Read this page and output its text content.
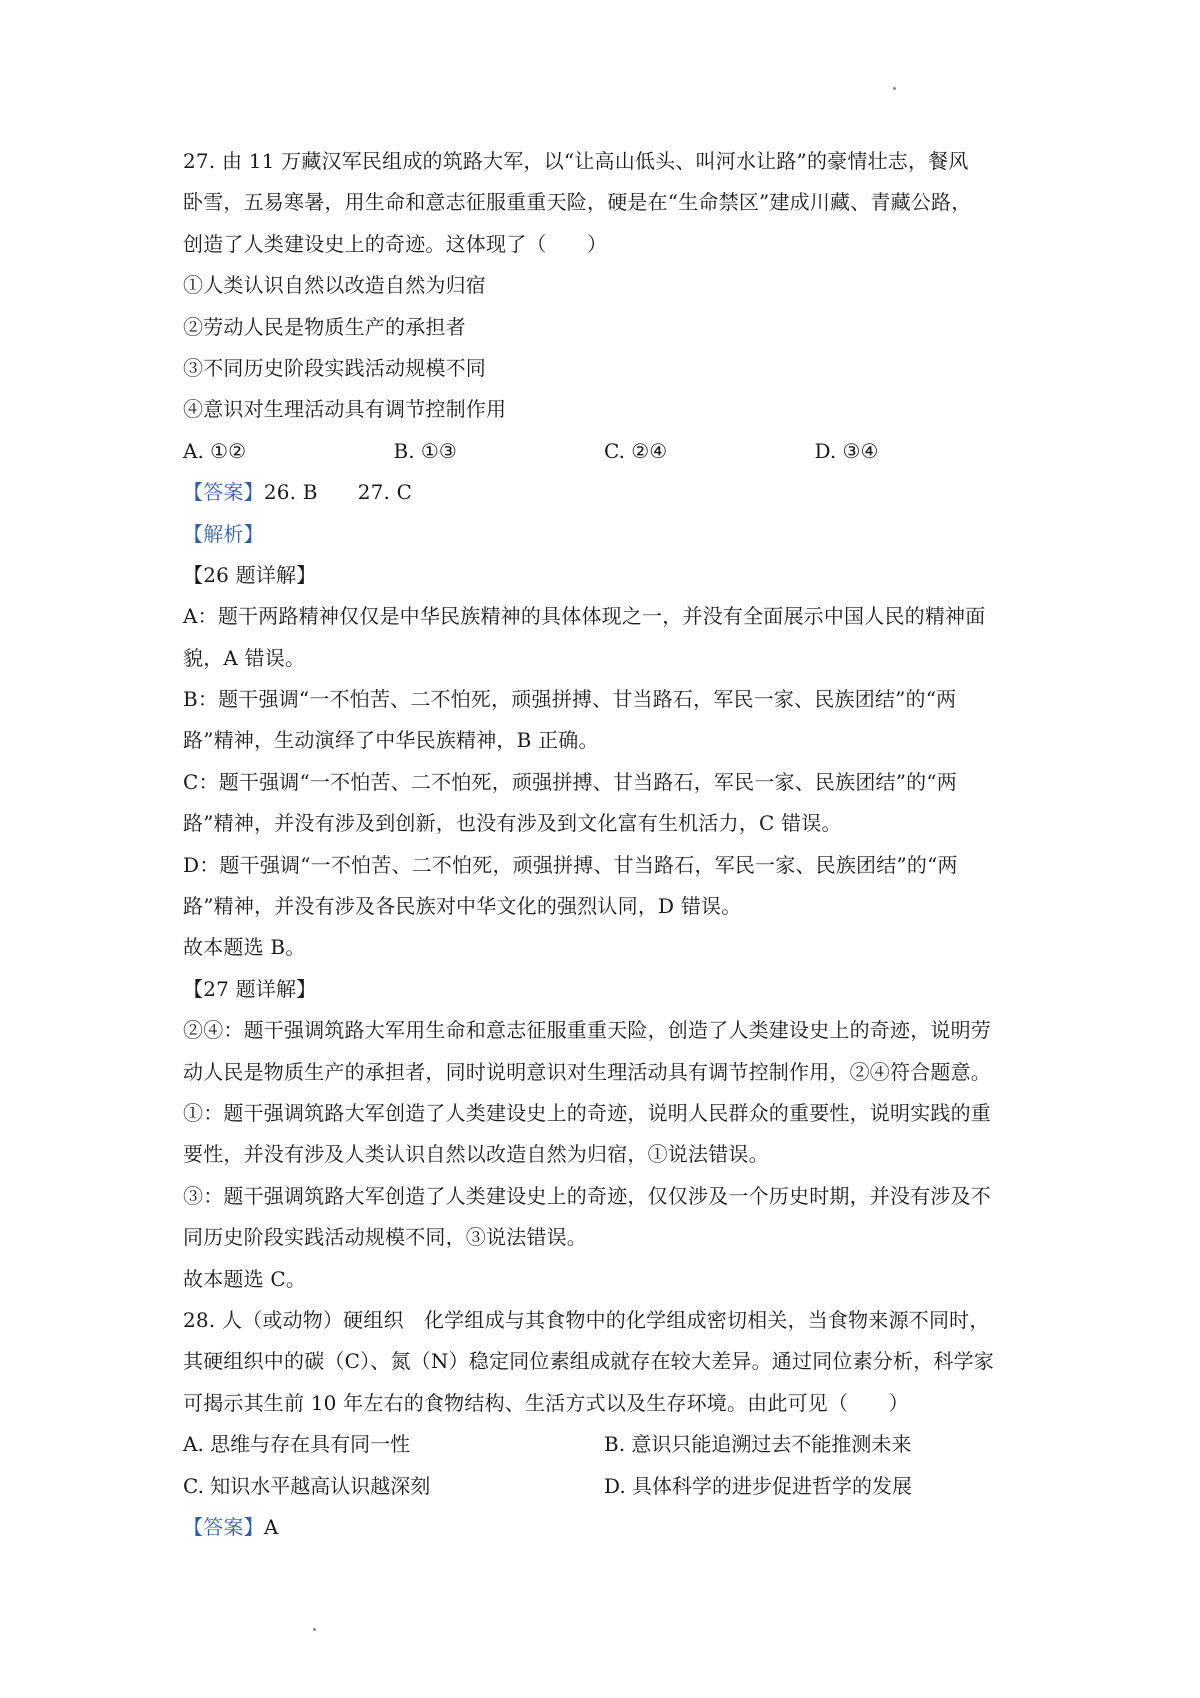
27. 由 11 万藏汉军民组成的筑路大军，以“让高山低头、叫河水让路”的豪情壮志，餐风
卧雪，五易寒暑，用生命和意志征服重重天险，硬是在“生命禁区”建成川藏、青藏公路，
创造了人类建设史上的奇迹。这体现了（　　）
①人类认识自然以改造自然为归宿
②劳动人民是物质生产的承担者
③不同历史阶段实践活动规模不同
④意识对生理活动具有调节控制作用
A. ①②	B. ①③	C. ②④	D. ③④
【答案】26. B 27. C
【解析】
【26 题详解】
A：题干两路精神仅仅是中华民族精神的具体体现之一，并没有全面展示中国人民的精神面
貌，A 错误。
B：题干强调“一不怕苦、二不怕死，顽强拼搏、甘当路石，军民一家、民族团结”的“两
路”精神，生动演绎了中华民族精神，B 正确。
C：题干强调“一不怕苦、二不怕死，顽强拼搏、甘当路石，军民一家、民族团结”的“两
路”精神，并没有涉及到创新，也没有涉及到文化富有生机活力，C 错误。
D：题干强调“一不怕苦、二不怕死，顽强拼搏、甘当路石，军民一家、民族团结”的“两
路”精神，并没有涉及各民族对中华文化的强烈认同，D 错误。
故本题选 B。
【27 题详解】
②④：题干强调筑路大军用生命和意志征服重重天险，创造了人类建设史上的奇迹，说明劳
动人民是物质生产的承担者，同时说明意识对生理活动具有调节控制作用，②④符合题意。
①：题干强调筑路大军创造了人类建设史上的奇迹，说明人民群众的重要性，说明实践的重
要性，并没有涉及人类认识自然以改造自然为归宿，①说法错误。
③：题干强调筑路大军创造了人类建设史上的奇迹，仅仅涉及一个历史时期，并没有涉及不
同历史阶段实践活动规模不同，③说法错误。
故本题选 C。
28. 人（或动物）硬组织　化学组成与其食物中的化学组成密切相关，当食物来源不同时，
其硬组织中的碳（C）、氮（N）稳定同位素组成就存在较大差异。通过同位素分析，科学家
可揭示其生前 10 年左右的食物结构、生活方式以及生存环境。由此可见（　　）
A. 思维与存在具有同一性	B. 意识只能追溯过去不能推测未来
C. 知识水平越高认识越深刻	D. 具体科学的进步促进哲学的发展
【答案】A
